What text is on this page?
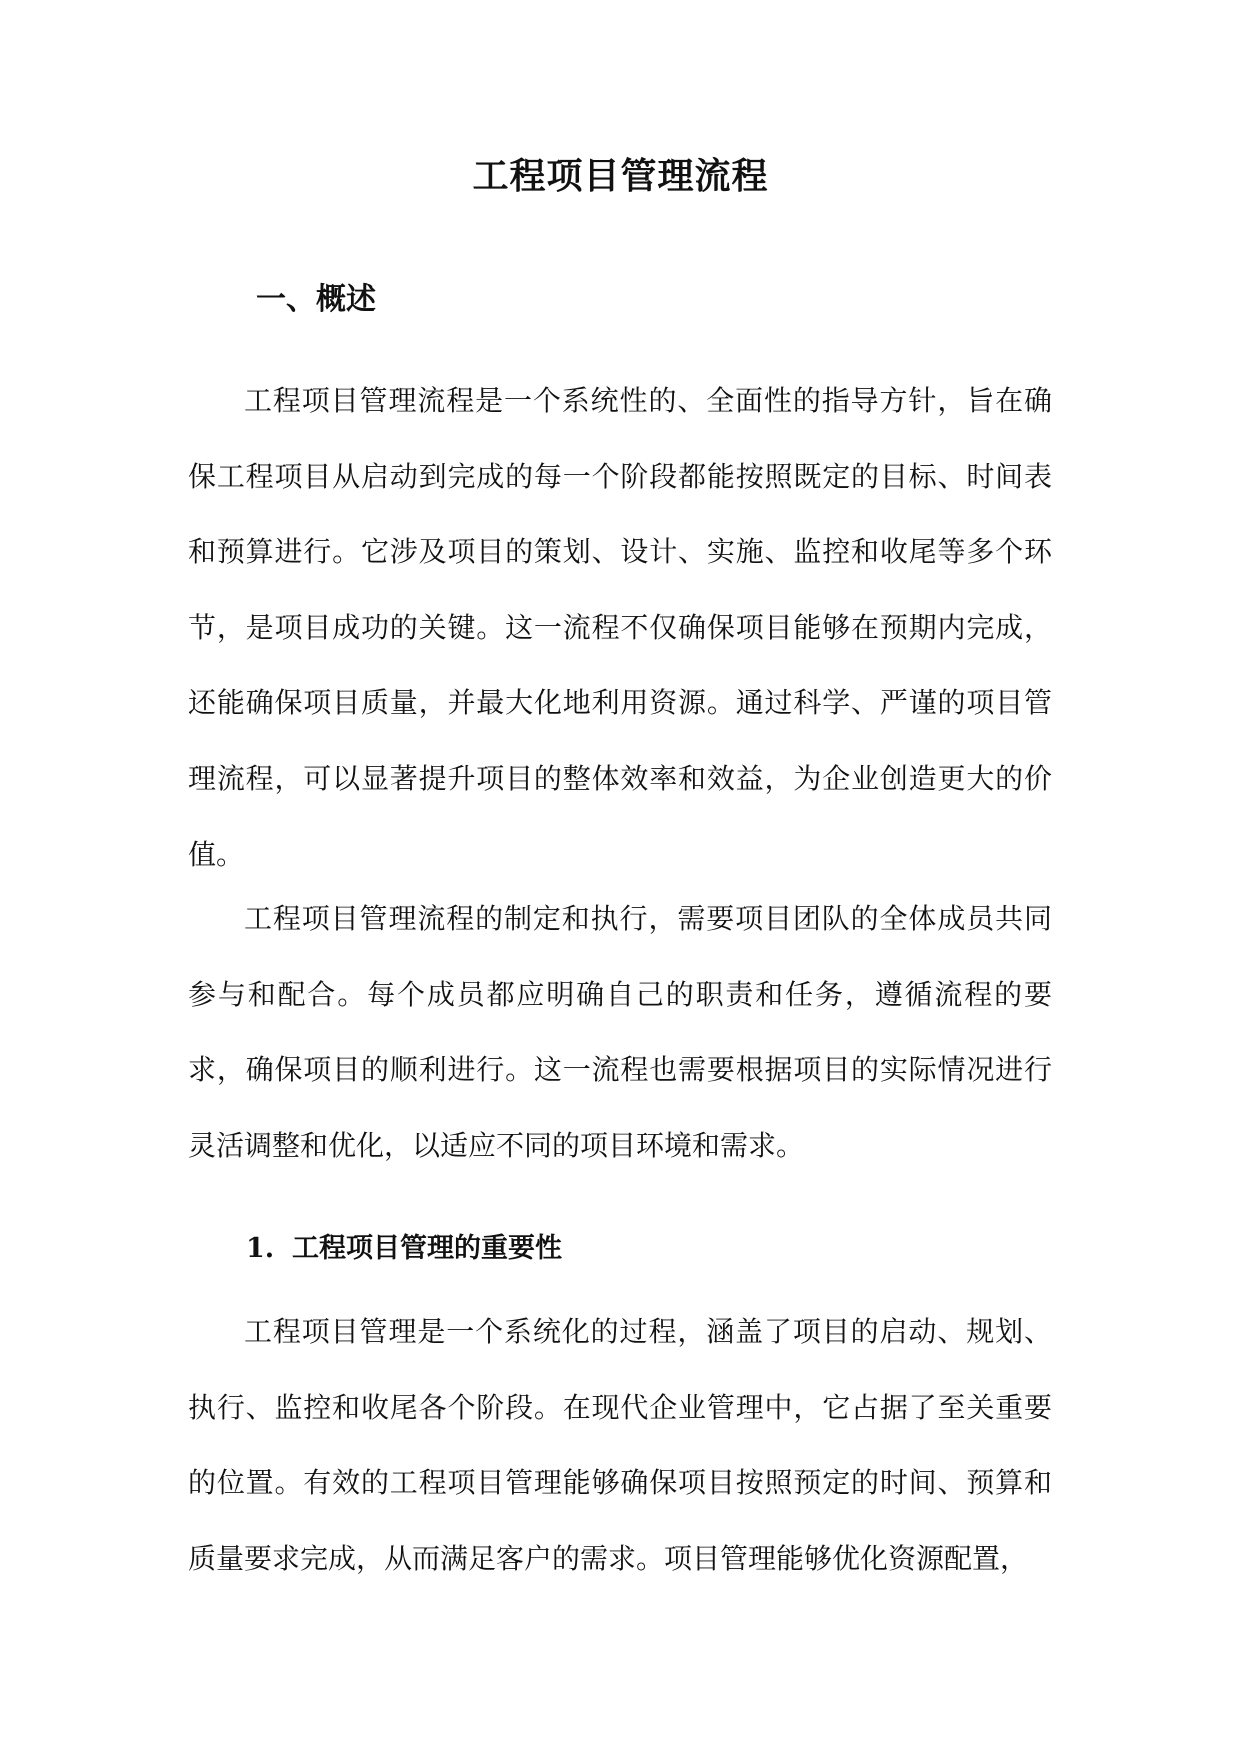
工程项目管理流程
一、概述

工程项目管理流程是一个系统性的、全面性的指导方针，旨在确保工程项目从启动到完成的每一个阶段都能按照既定的目标、时间表和预算进行。它涉及项目的策划、设计、实施、监控和收尾等多个环节，是项目成功的关键。这一流程不仅确保项目能够在预期内完成，还能确保项目质量，并最大化地利用资源。通过科学、严谨的项目管理流程，可以显著提升项目的整体效率和效益，为企业创造更大的价值。

工程项目管理流程的制定和执行，需要项目团队的全体成员共同参与和配合。每个成员都应明确自己的职责和任务，遵循流程的要求，确保项目的顺利进行。这一流程也需要根据项目的实际情况进行灵活调整和优化，以适应不同的项目环境和需求。

1. 工程项目管理的重要性

工程项目管理是一个系统化的过程，涵盖了项目的启动、规划、执行、监控和收尾各个阶段。在现代企业管理中，它占据了至关重要的位置。有效的工程项目管理能够确保项目按照预定的时间、预算和质量要求完成，从而满足客户的需求。项目管理能够优化资源配置，
